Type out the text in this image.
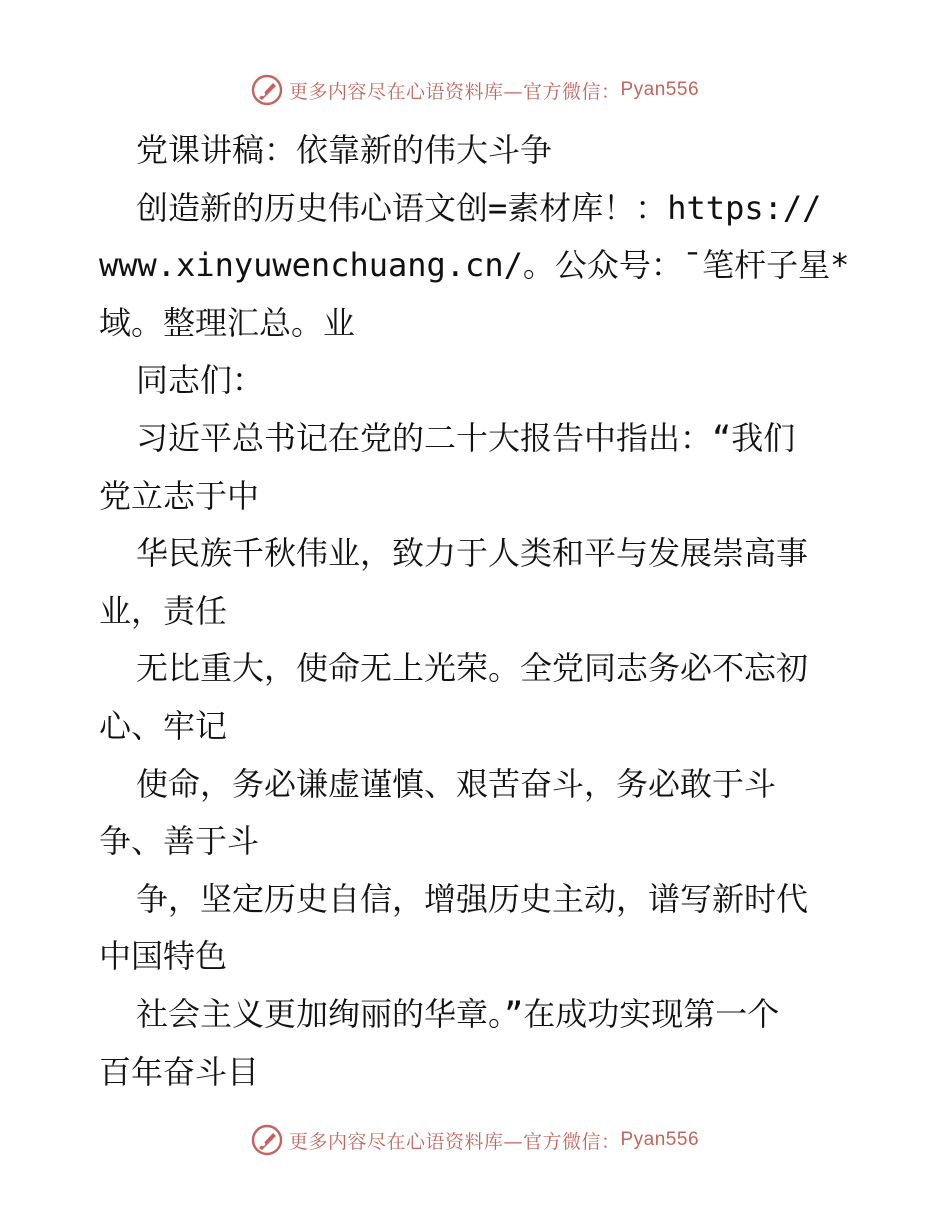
更多内容尽在心语资料库—官方微信： Pyan556
党课讲稿：依靠新的伟大斗争
创造新的历史伟心语文创=素材库！：https://
www.xinyuwenchuang.cn/。公众号：¯笔杆子星*
域。整理汇总。业
同志们：
习近平总书记在党的二十大报告中指出：“我们
党立志于中
华民族千秋伟业，致力于人类和平与发展崇高事
业，责任
无比重大，使命无上光荣。全党同志务必不忘初
心、牢记
使命，务必谦虚谨慎、艰苦奋斗，务必敢于斗
争、善于斗
争，坚定历史自信，增强历史主动，谱写新时代
中国特色
社会主义更加绚丽的华章。”在成功实现第一个
百年奋斗目
更多内容尽在心语资料库—官方微信： Pyan556
